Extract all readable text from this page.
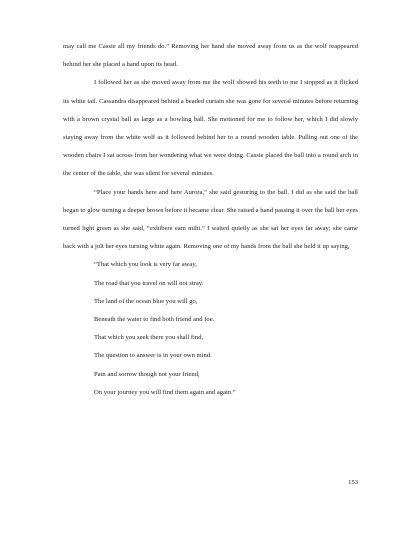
may call me Cassie all my friends do.” Removing her hand she moved away from us as the wolf reappeared behind her she placed a hand upon its head.

I followed her as she moved away from me the wolf showed his teeth to me I stopped as it flicked its white tail. Cassandra disappeared behind a beaded curtain she was gone for several minutes before returning with a brown crystal ball as large as a bowling ball. She motioned for me to follow her, which I did slowly staying away from the white wolf as it followed behind her to a round wooden table. Pulling out one of the wooden chairs I sat across from her wondering what we were doing. Cassie placed the ball into a round arch in the center of the table, she was silent for several minutes.

“Place your hands here and here Aurora,” she said gesturing to the ball. I did as she said the ball began to glow turning a deeper brown before it became clear. She raised a hand passing it over the ball her eyes turned light green as she said, “exhibere eam mihi.” I waited quietly as she sat her eyes far away; she came back with a jolt her eyes turning white again. Removing one of my hands from the ball she held it up saying,

“That which you look is very far away,

The road that you travel on will not stray.

The land of the ocean blue you will go,

Beneath the water to find both friend and foe.

That which you seek there you shall find,

The question to answer is in your own mind.

Pain and sorrow though not your friend,

On your journey you will find them again and again.”

153
